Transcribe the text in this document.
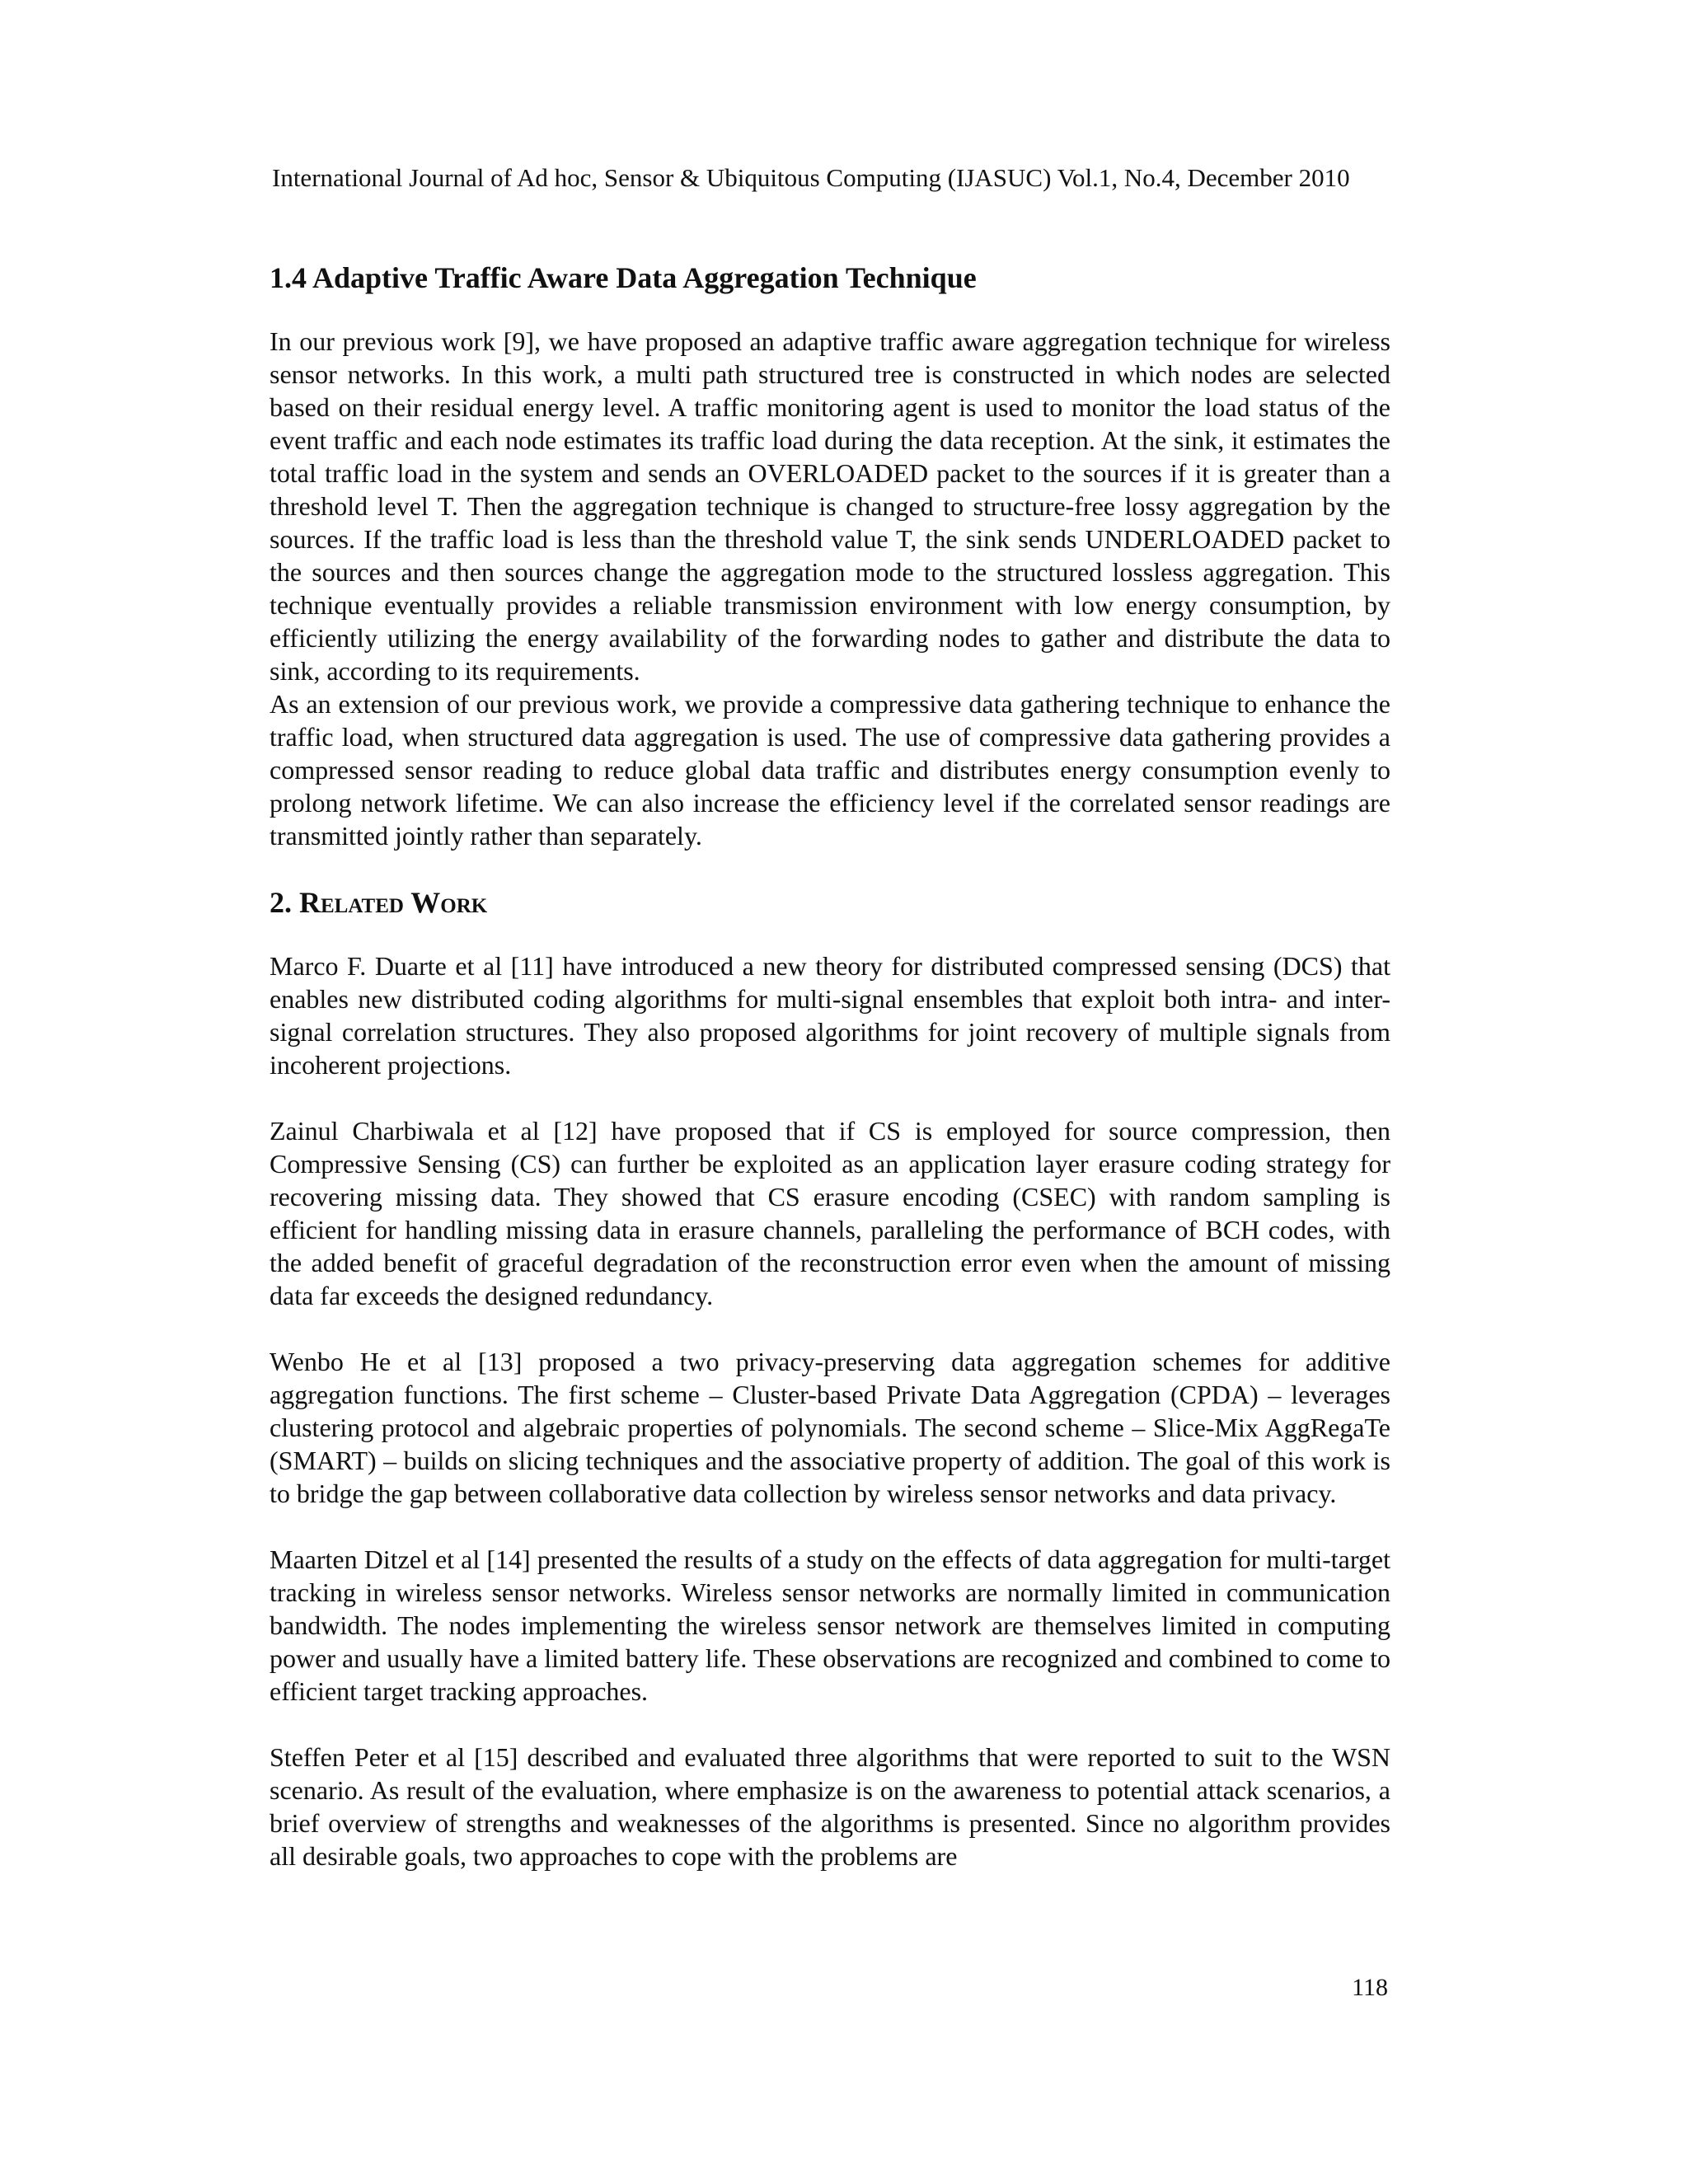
International Journal of Ad hoc, Sensor & Ubiquitous Computing (IJASUC) Vol.1, No.4, December 2010
1.4 Adaptive Traffic Aware Data Aggregation Technique

In our previous work [9], we have proposed an adaptive traffic aware aggregation technique for wireless sensor networks. In this work, a multi path structured tree is constructed in which nodes are selected based on their residual energy level. A traffic monitoring agent is used to monitor the load status of the event traffic and each node estimates its traffic load during the data reception. At the sink, it estimates the total traffic load in the system and sends an OVERLOADED packet to the sources if it is greater than a threshold level T. Then the aggregation technique is changed to structure-free lossy aggregation by the sources. If the traffic load is less than the threshold value T, the sink sends UNDERLOADED packet to the sources and then sources change the aggregation mode to the structured lossless aggregation. This technique eventually provides a reliable transmission environment with low energy consumption, by efficiently utilizing the energy availability of the forwarding nodes to gather and distribute the data to sink, according to its requirements.

As an extension of our previous work, we provide a compressive data gathering technique to enhance the traffic load, when structured data aggregation is used. The use of compressive data gathering provides a compressed sensor reading to reduce global data traffic and distributes energy consumption evenly to prolong network lifetime. We can also increase the efficiency level if the correlated sensor readings are transmitted jointly rather than separately.

2. Related Work

Marco F. Duarte et al [11] have introduced a new theory for distributed compressed sensing (DCS) that enables new distributed coding algorithms for multi-signal ensembles that exploit both intra- and inter-signal correlation structures. They also proposed algorithms for joint recovery of multiple signals from incoherent projections.

Zainul Charbiwala et al [12] have proposed that if CS is employed for source compression, then Compressive Sensing (CS) can further be exploited as an application layer erasure coding strategy for recovering missing data. They showed that CS erasure encoding (CSEC) with random sampling is efficient for handling missing data in erasure channels, paralleling the performance of BCH codes, with the added benefit of graceful degradation of the reconstruction error even when the amount of missing data far exceeds the designed redundancy.

Wenbo He et al [13] proposed a two privacy-preserving data aggregation schemes for additive aggregation functions. The first scheme – Cluster-based Private Data Aggregation (CPDA) – leverages clustering protocol and algebraic properties of polynomials. The second scheme – Slice-Mix AggRegaTe (SMART) – builds on slicing techniques and the associative property of addition. The goal of this work is to bridge the gap between collaborative data collection by wireless sensor networks and data privacy.

Maarten Ditzel et al [14] presented the results of a study on the effects of data aggregation for multi-target tracking in wireless sensor networks. Wireless sensor networks are normally limited in communication bandwidth. The nodes implementing the wireless sensor network are themselves limited in computing power and usually have a limited battery life. These observations are recognized and combined to come to efficient target tracking approaches.

Steffen Peter et al [15] described and evaluated three algorithms that were reported to suit to the WSN scenario. As result of the evaluation, where emphasize is on the awareness to potential attack scenarios, a brief overview of strengths and weaknesses of the algorithms is presented. Since no algorithm provides all desirable goals, two approaches to cope with the problems are

118
